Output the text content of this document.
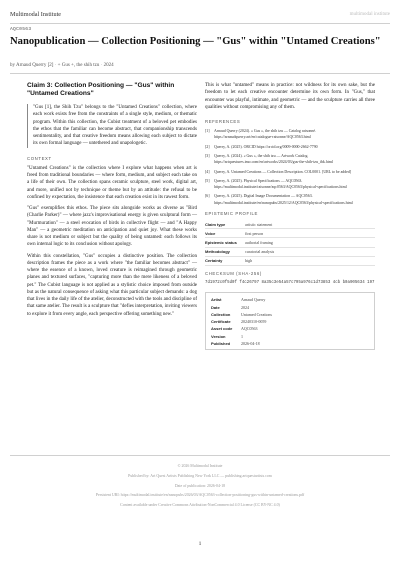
Multimodal Institute	multimodal institute
AQC0563
Nanopublication — Collection Positioning — "Gus" within "Untamed Creations"
by Arnaud Querry [2] · + Gus +, the shih tzu · 2024
Claim 3: Collection Positioning — "Gus" within "Untamed Creations"
"Gus [1], the Shih Tzu" belongs to the "Untamed Creations" collection, where each work exists free from the constraints of a single style, medium, or thematic program. Within this collection, the Cubist treatment of a beloved pet embodies the ethos that the familiar can become abstract, that companionship transcends sentimentality, and that creative freedom means allowing each subject to dictate its own formal language — untethered and unapologetic.
CONTEXT

"Untamed Creations" is the collection where I explore what happens when art is freed from traditional boundaries — where form, medium, and subject each take on a life of their own. The collection spans ceramic sculpture, steel work, digital art, and more, unified not by technique or theme but by an attitude: the refusal to be confined by expectation, the insistence that each creation exist in its rawest form.

"Gus" exemplifies this ethos. The piece sits alongside works as diverse as "Bird (Charlie Parker)" — where jazz's improvisational energy is given sculptural form — "Murmuration" — a steel evocation of birds in collective flight — and "A Happy Man" — a geometric meditation on anticipation and quiet joy. What these works share is not medium or subject but the quality of being untamed: each follows its own internal logic to its conclusion without apology.

Within this constellation, "Gus" occupies a distinctive position. The collection description frames the piece as a work where "the familiar becomes abstract" — where the essence of a known, loved creature is reimagined through geometric planes and textured surfaces, "capturing more than the mere likeness of a beloved pet." The Cubist language is not applied as a stylistic choice imposed from outside but as the natural consequence of asking what this particular subject demands: a dog that lives in the daily life of the atelier, deconstructed with the tools and discipline of that same atelier. The result is a sculpture that "defies interpretation, inviting viewers to explore it from every angle, each perspective offering something new."

This is what "untamed" means in practice: not wildness for its own sake, but the freedom to let each creative encounter determine its own form. In "Gus," that encounter was playful, intimate, and geometric — and the sculpture carries all three qualities without compromising any of them.

REFERENCES
[1]	Arnaud Querry (2024). « Gus », the shih tzu — Catalog raisonné. https://arnaudquerry.art/en/catalogue-raisonne/AQC0563.html
[2]	Querry, A. (2025). ORCID https://orcid.org/0009-0000-2662-7790
[3]	Querry, A. (2024). « Gus », the shih tzu — Artwork Catalog. https://artquestures.imo.com/en/artworks/2024/03/gus-the-shih-tzu_ibk.html
[4]	Querry, A. Untamed Creations — Collection Description. COL0001. [URL to be added]
[5]	Querry, A. (2025). Physical Specifications — AQC0563. https://multimodal.institute/raisonne/aqc0563/AQC0563/physical-specifications.html
[6]	Querry, A. (2025). Digital Image Documentation — AQC0563. https://multimodal.institute/en/nanopubs/2025/12/AQC0563/physical-specifications.html
EPISTEMIC PROFILE
Claim type	artistic statement
Voice	first person
Epistemic status	authorial framing
Methodology	curatorial analysis
Certainty	high
CHECKSUM (SHA-256)
7d1972c0f5d0f f4c26797 8a35c3e54a57c795a976c1d73853 4cb b0a905634 197
Artist	Arnaud Querry
Date	2024
Collection	Untamed Creations
Certificate	20240310-0059
Asset code	AQC0563
Version	1
Published	2026-04-18
© 2026 Multimodal Institute
Published by: Art Quest Artists Publishing New York LLC — publishing.artquestartists.com
Date of publication: 2026-04-18
Persistent URI: https://multimodal.institute/en/nanopubs/2026/03/AQC0563-collection-positioning-gus-within-untamed-creations.pdf
Content available under Creative Commons Attribution-NonCommercial 4.0 License (CC BY-NC 4.0)
1
